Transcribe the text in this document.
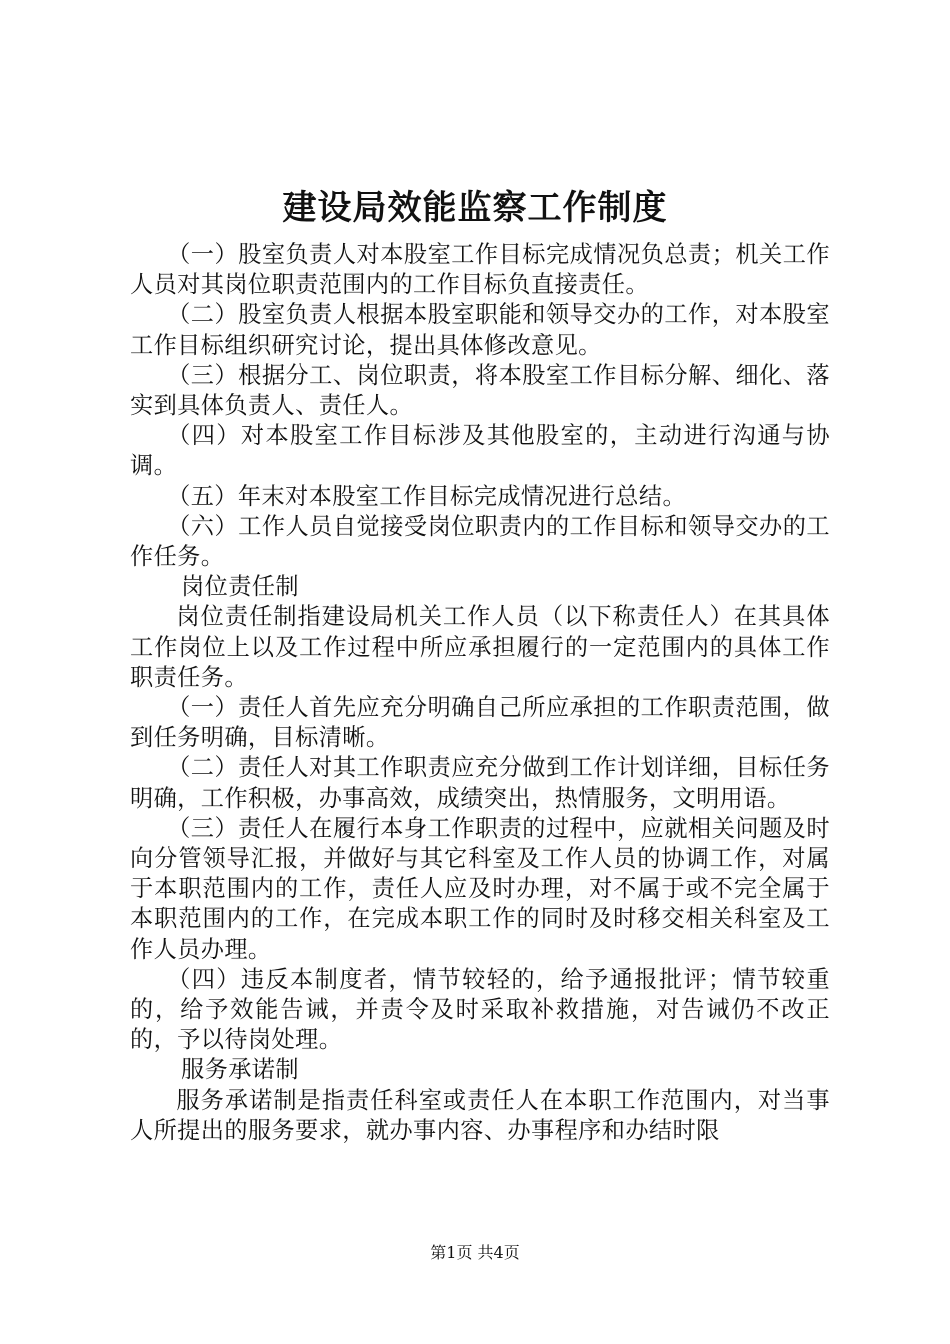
建设局效能监察工作制度

（一）股室负责人对本股室工作目标完成情况负总责；机关工作人员对其岗位职责范围内的工作目标负直接责任。

（二）股室负责人根据本股室职能和领导交办的工作，对本股室工作目标组织研究讨论，提出具体修改意见。

（三）根据分工、岗位职责，将本股室工作目标分解、细化、落实到具体负责人、责任人。

（四）对本股室工作目标涉及其他股室的，主动进行沟通与协调。

（五）年末对本股室工作目标完成情况进行总结。

（六）工作人员自觉接受岗位职责内的工作目标和领导交办的工作任务。

岗位责任制

岗位责任制指建设局机关工作人员（以下称责任人）在其具体工作岗位上以及工作过程中所应承担履行的一定范围内的具体工作职责任务。

（一）责任人首先应充分明确自己所应承担的工作职责范围，做到任务明确，目标清晰。

（二）责任人对其工作职责应充分做到工作计划详细，目标任务明确，工作积极，办事高效，成绩突出，热情服务，文明用语。

（三）责任人在履行本身工作职责的过程中，应就相关问题及时向分管领导汇报，并做好与其它科室及工作人员的协调工作，对属于本职范围内的工作，责任人应及时办理，对不属于或不完全属于本职范围内的工作，在完成本职工作的同时及时移交相关科室及工作人员办理。

（四）违反本制度者，情节较轻的，给予通报批评；情节较重的，给予效能告诫，并责令及时采取补救措施，对告诫仍不改正的，予以待岗处理。

服务承诺制

服务承诺制是指责任科室或责任人在本职工作范围内，对当事人所提出的服务要求，就办事内容、办事程序和办结时限

第1页 共4页
